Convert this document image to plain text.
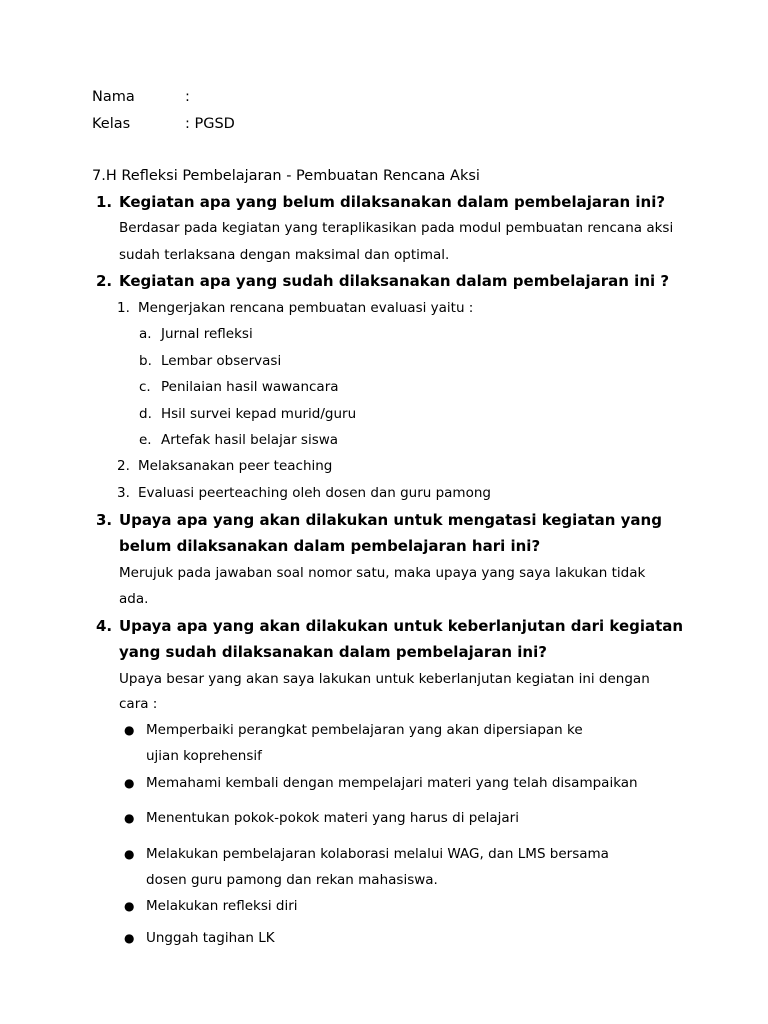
Nama	:
Kelas	: PGSD
7.H Refleksi Pembelajaran - Pembuatan Rencana Aksi
1. Kegiatan apa yang belum dilaksanakan dalam pembelajaran ini?
Berdasar pada kegiatan yang teraplikasikan pada modul pembuatan rencana aksi
sudah terlaksana dengan maksimal dan optimal.
2. Kegiatan apa yang sudah dilaksanakan dalam pembelajaran ini ?
1. Mengerjakan rencana pembuatan evaluasi yaitu :
a. Jurnal refleksi
b. Lembar observasi
c. Penilaian hasil wawancara
d. Hsil survei kepad murid/guru
e. Artefak hasil belajar siswa
2. Melaksanakan peer teaching
3. Evaluasi peerteaching oleh dosen dan guru pamong
3. Upaya apa yang akan dilakukan untuk mengatasi kegiatan yang
belum dilaksanakan dalam pembelajaran hari ini?
Merujuk pada jawaban soal nomor satu, maka upaya yang saya lakukan tidak
ada.
4. Upaya apa yang akan dilakukan untuk keberlanjutan dari kegiatan
yang sudah dilaksanakan dalam pembelajaran ini?
Upaya besar yang akan saya lakukan untuk keberlanjutan kegiatan ini dengan
cara :
● Memperbaiki perangkat pembelajaran yang akan dipersiapan ke
ujian koprehensif
● Memahami kembali dengan mempelajari materi yang telah disampaikan
● Menentukan pokok-pokok materi yang harus di pelajari
● Melakukan pembelajaran kolaborasi melalui WAG, dan LMS bersama
dosen guru pamong dan rekan mahasiswa.
● Melakukan refleksi diri
● Unggah tagihan LK
